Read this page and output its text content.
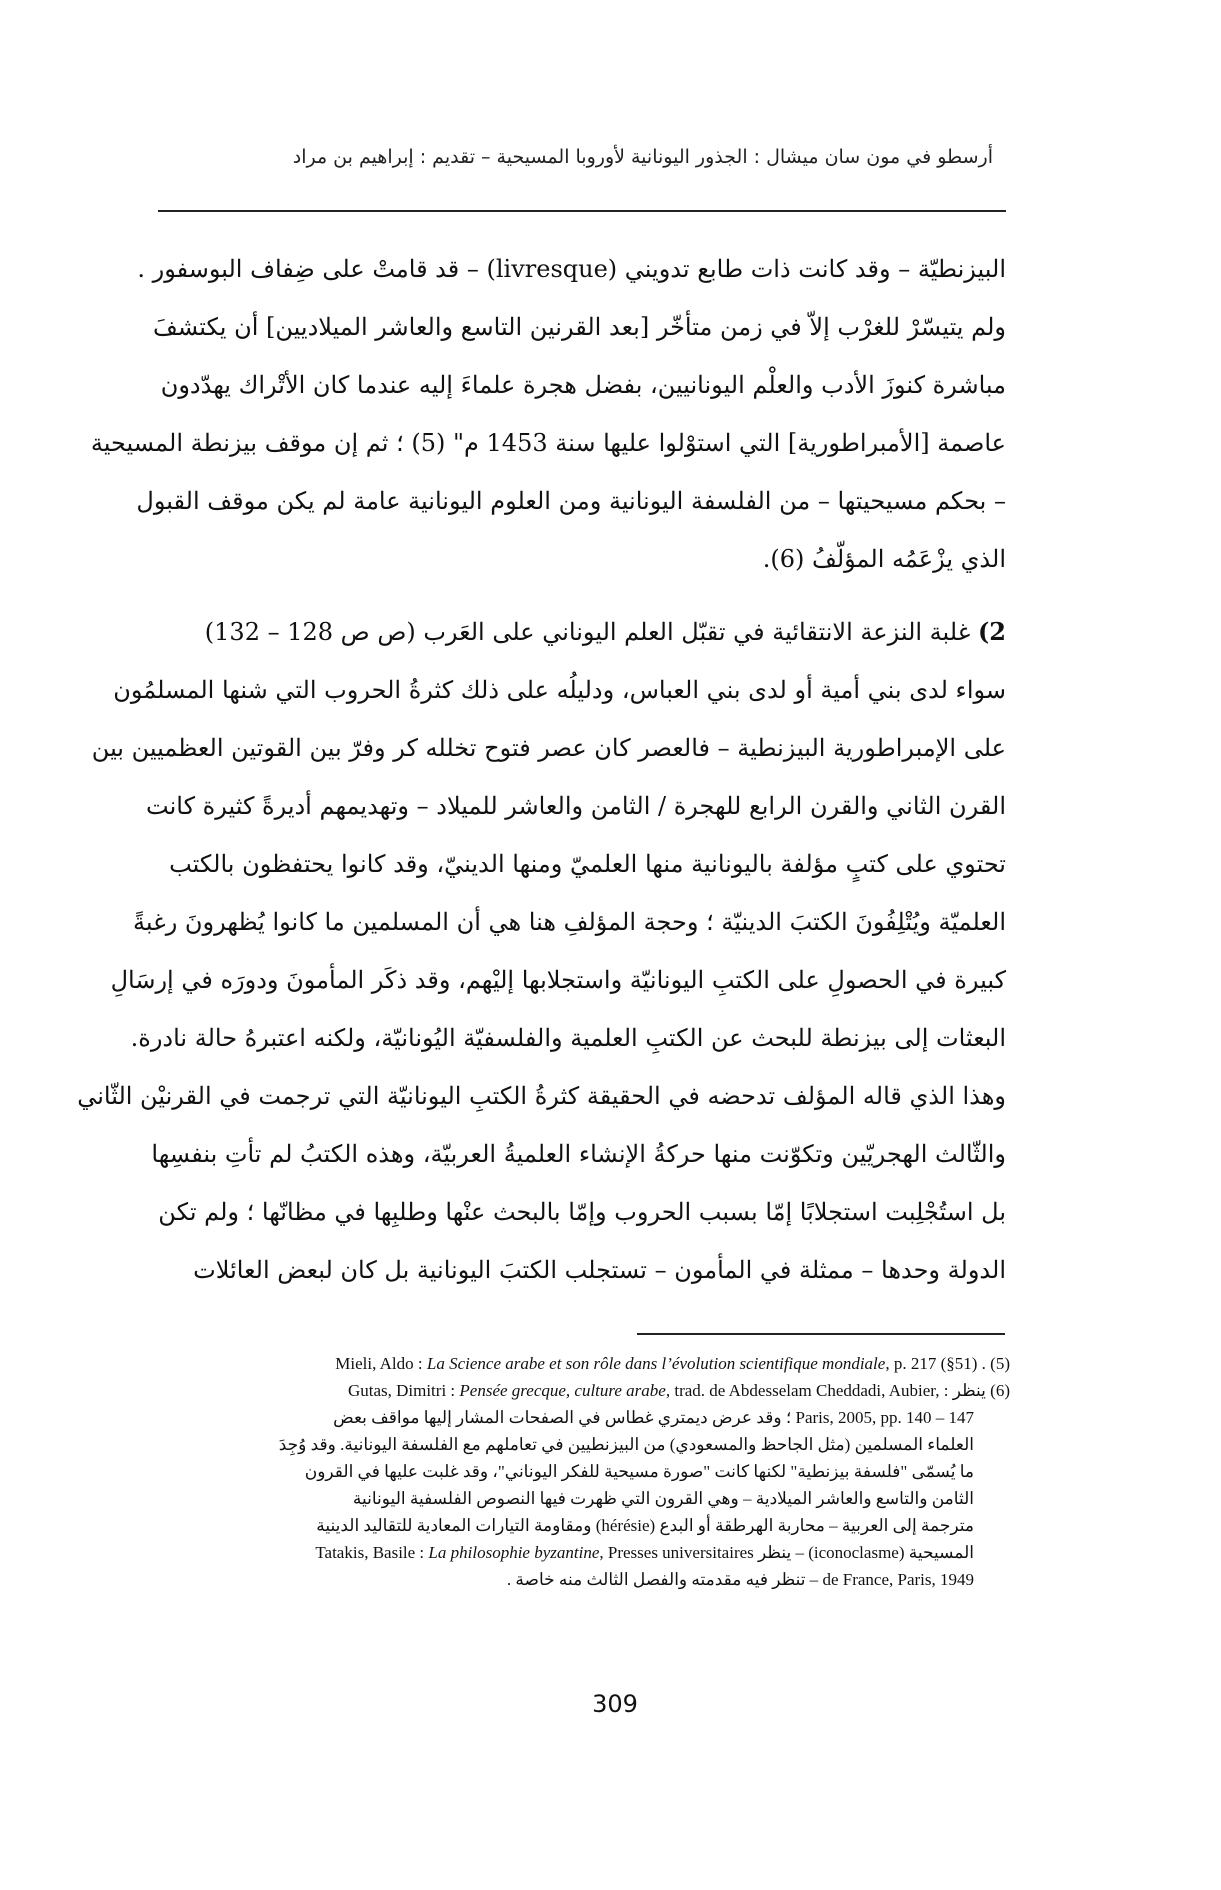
أرسطو في مون سان ميشال : الجذور اليونانية لأوروبا المسيحية – تقديم : إبراهيم بن مراد
البيزنطيّة – وقد كانت ذات طابع تدويني (livresque) – قد قامتْ على ضِفاف البوسفور .
ولم يتيسّرْ للغرْب إلاّ في زمن متأخّر [بعد القرنين التاسع والعاشر الميلاديين] أن يكتشفَ
مباشرة كنوزَ الأدب والعلْم اليونانيين، بفضل هجرة علماءَ إليه عندما كان الأتْراك يهدّدون
عاصمة [الأمبراطورية] التي استوْلوا عليها سنة 1453 م" (5) ؛ ثم إن موقف بيزنطة المسيحية
– بحكم مسيحيتها – من الفلسفة اليونانية ومن العلوم اليونانية عامة لم يكن موقف القبول
الذي يزْعَمُه المؤلّفُ (6).
2) غلبة النزعة الانتقائية في تقبّل العلم اليوناني على العَرب (ص ص 128 – 132)
سواء لدى بني أمية أو لدى بني العباس، ودليلُه على ذلك كثرةُ الحروب التي شنها المسلمُون
على الإمبراطورية البيزنطية – فالعصر كان عصر فتوح تخلله كر وفرّ بين القوتين العظميين بين
القرن الثاني والقرن الرابع للهجرة / الثامن والعاشر للميلاد – وتهديمهم أديرةً كثيرة كانت
تحتوي على كتبٍ مؤلفة باليونانية منها العلميّ ومنها الدينيّ، وقد كانوا يحتفظون بالكتب
العلميّة ويُتْلِفُونَ الكتبَ الدينيّة ؛ وحجة المؤلفِ هنا هي أن المسلمين ما كانوا يُظهرونَ رغبةً
كبيرة في الحصولِ على الكتبِ اليونانيّة واستجلابها إليْهم، وقد ذكَر المأمونَ ودورَه في إرسَالِ
البعثات إلى بيزنطة للبحث عن الكتبِ العلمية والفلسفيّة اليُونانيّة، ولكنه اعتبرهُ حالة نادرة.
وهذا الذي قاله المؤلف تدحضه في الحقيقة كثرةُ الكتبِ اليونانيّة التي ترجمت في القرنيْن الثّاني
والثّالث الهجريّين وتكوّنت منها حركةُ الإنشاء العلميةُ العربيّة، وهذه الكتبُ لم تأتِ بنفسِها
بل استُجْلِبت استجلابًا إمّا بسبب الحروب وإمّا بالبحث عنْها وطلبِها في مظانّها ؛ ولم تكن
الدولة وحدها – ممثلة في المأمون – تستجلب الكتبَ اليونانية بل كان لبعض العائلات
(5) Mieli, Aldo : La Science arabe et son rôle dans l’évolution scientifique mondiale, p. 217 (§51) .
(6) ينظر : Gutas, Dimitri : Pensée grecque, culture arabe, trad. de Abdesselam Cheddadi, Aubier,
Paris, 2005, pp. 140 – 147 ؛ وقد عرض ديمتري غطاس في الصفحات المشار إليها مواقف بعض
العلماء المسلمين (مثل الجاحظ والمسعودي) من البيزنطيين في تعاملهم مع الفلسفة اليونانية. وقد وُجِدَ
ما يُسمّى "فلسفة بيزنطية" لكنها كانت "صورة مسيحية للفكر اليوناني"، وقد غلبت عليها في القرون
الثامن والتاسع والعاشر الميلادية – وهي القرون التي ظهرت فيها النصوص الفلسفية اليونانية
مترجمة إلى العربية – محاربة الهرطقة أو البدع (hérésie) ومقاومة التيارات المعادية للتقاليد الدينية
المسيحية (iconoclasme) – ينظر Tatakis, Basile : La philosophie byzantine, Presses universitaires
de France, Paris, 1949 – تنظر فيه مقدمته والفصل الثالث منه خاصة .
309
